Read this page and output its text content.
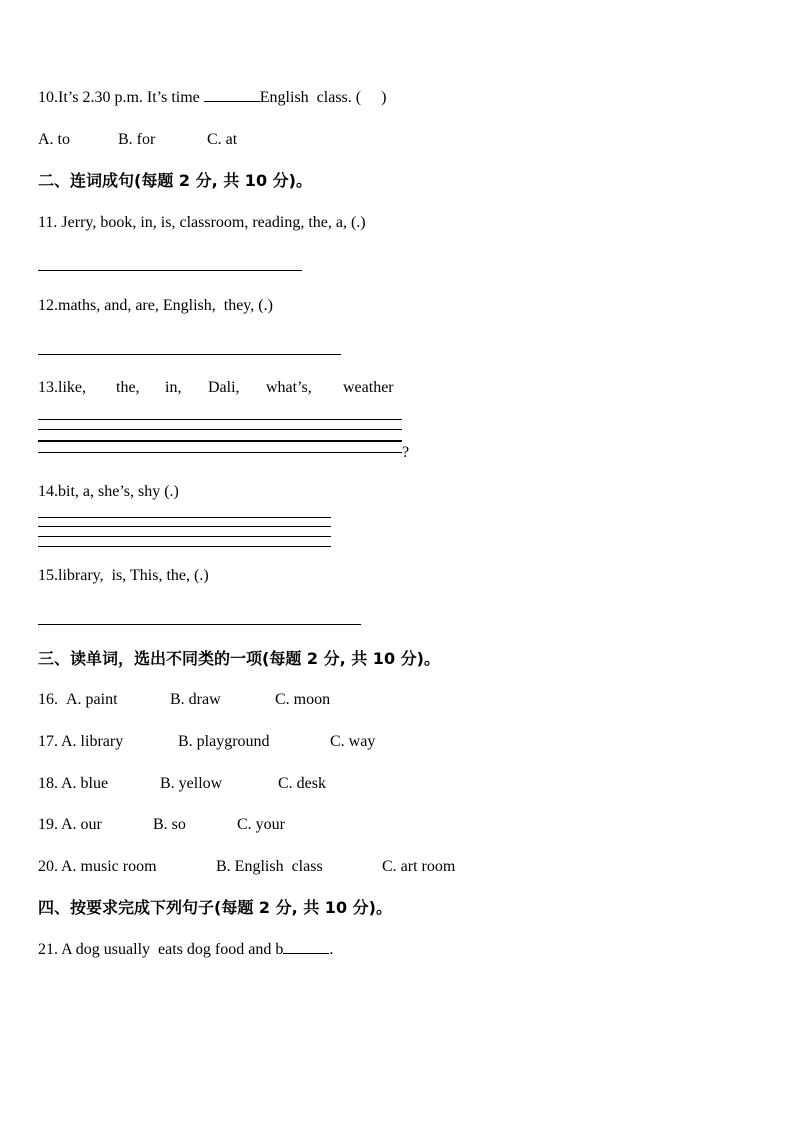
10.It’s 2.30 p.m. It’s time	English  class. (     )
A. to	B. for	C. at
二、连词成句(每题 2 分, 共 10 分)。
11. Jerry, book, in, is, classroom, reading, the, a, (.)
12.maths, and, are, English,  they, (.)
13.like, the, in, Dali, what’s, weather
?
14.bit, a, she’s, shy (.)
15.library,  is, This, the, (.)
三、读单词，选出不同类的一项(每题 2 分, 共 10 分)。
16. A. paint	B. draw	C. moon
17. A. library	B. playground	C. way
18. A. blue	B. yellow	C. desk
19. A. our	B. so	C. your
20. A. music room	B. English  class	C. art room
四、按要求完成下列句子(每题 2 分, 共 10 分)。
21. A dog usually  eats dog food and b	.
